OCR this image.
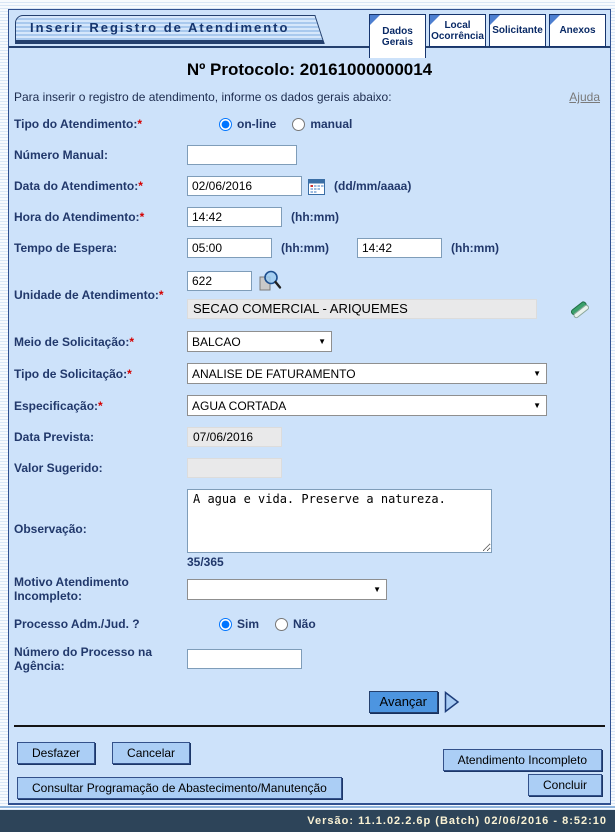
Inserir Registro de Atendimento	Dados Gerais
Local Ocorrência Solicitante Anexos
Nº Protocolo: 20161000000014
Para inserir o registro de atendimento, informe os dados gerais abaixo:	Ajuda
Tipo do Atendimento:*	on-line	manual
Número Manual:
Data do Atendimento:*
02/06/2016	(dd/mm/aaaa)
Hora do Atendimento:*
14:42	(hh:mm)
Tempo de Espera:
05:00	(hh:mm)
14:42	(hh:mm)
Unidade de Atendimento:*
622
SECAO COMERCIAL - ARIQUEMES
Meio de Solicitação:*
BALCAO	▼
Tipo de Solicitação:*
ANALISE DE FATURAMENTO	▼
Especificação:*
AGUA CORTADA	▼
Data Prevista:	07/06/2016
Valor Sugerido:
Observação:
A agua e vida. Preserve a natureza.
35/365
Motivo Atendimento Incompleto:	▼
Processo Adm./Jud. ?	Sim	Não
Número do Processo na Agência:
Avançar
Atendimento Incompleto
Concluir
Desfazer	Cancelar
Consultar Programação de Abastecimento/Manutenção
Versão: 11.1.02.2.6p (Batch) 02/06/2016 - 8:52:10
